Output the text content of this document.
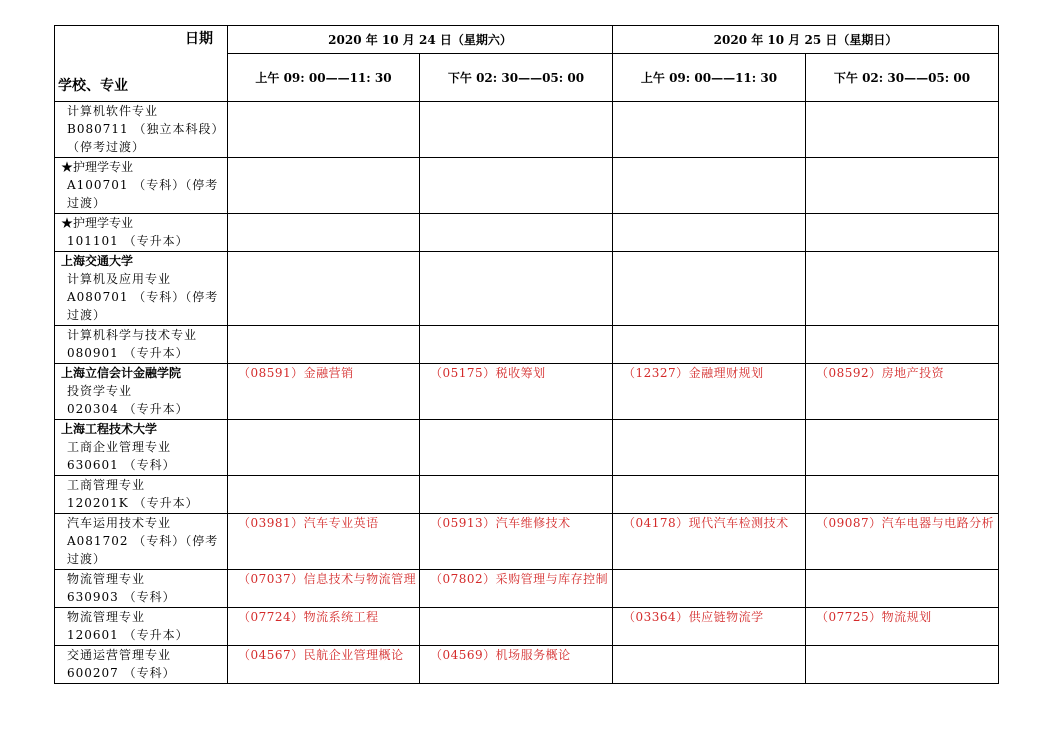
日期
学校、专业	2020 年 10 月 24 日（星期六）		2020 年 10 月 25 日（星期日）	
	上午 09: 00——11: 30	下午 02: 30——05: 00	上午 09: 00——11: 30	下午 02: 30——05: 00

计算机软件专业
B080711 （独立本科段）
（停考过渡）				

★护理学专业
A100701 （专科）（停考
过渡）				

★护理学专业
101101 （专升本）				

上海交通大学
计算机及应用专业
A080701 （专科）（停考
过渡）				

计算机科学与技术专业
080901 （专升本）				

上海立信会计金融学院
投资学专业
020304 （专升本）	（08591）金融营销	（05175）税收筹划	（12327）金融理财规划	（08592）房地产投资

上海工程技术大学
工商企业管理专业
630601 （专科）				

工商管理专业
120201K （专升本）				

汽车运用技术专业
A081702 （专科）（停考
过渡）	（03981）汽车专业英语	（05913）汽车维修技术	（04178）现代汽车检测技术	（09087）汽车电器与电路分析

物流管理专业
630903 （专科）	（07037）信息技术与物流管理	（07802）采购管理与库存控制		

物流管理专业
120601 （专升本）	（07724）物流系统工程		（03364）供应链物流学	（07725）物流规划

交通运营管理专业
600207 （专科）	（04567）民航企业管理概论	（04569）机场服务概论		
